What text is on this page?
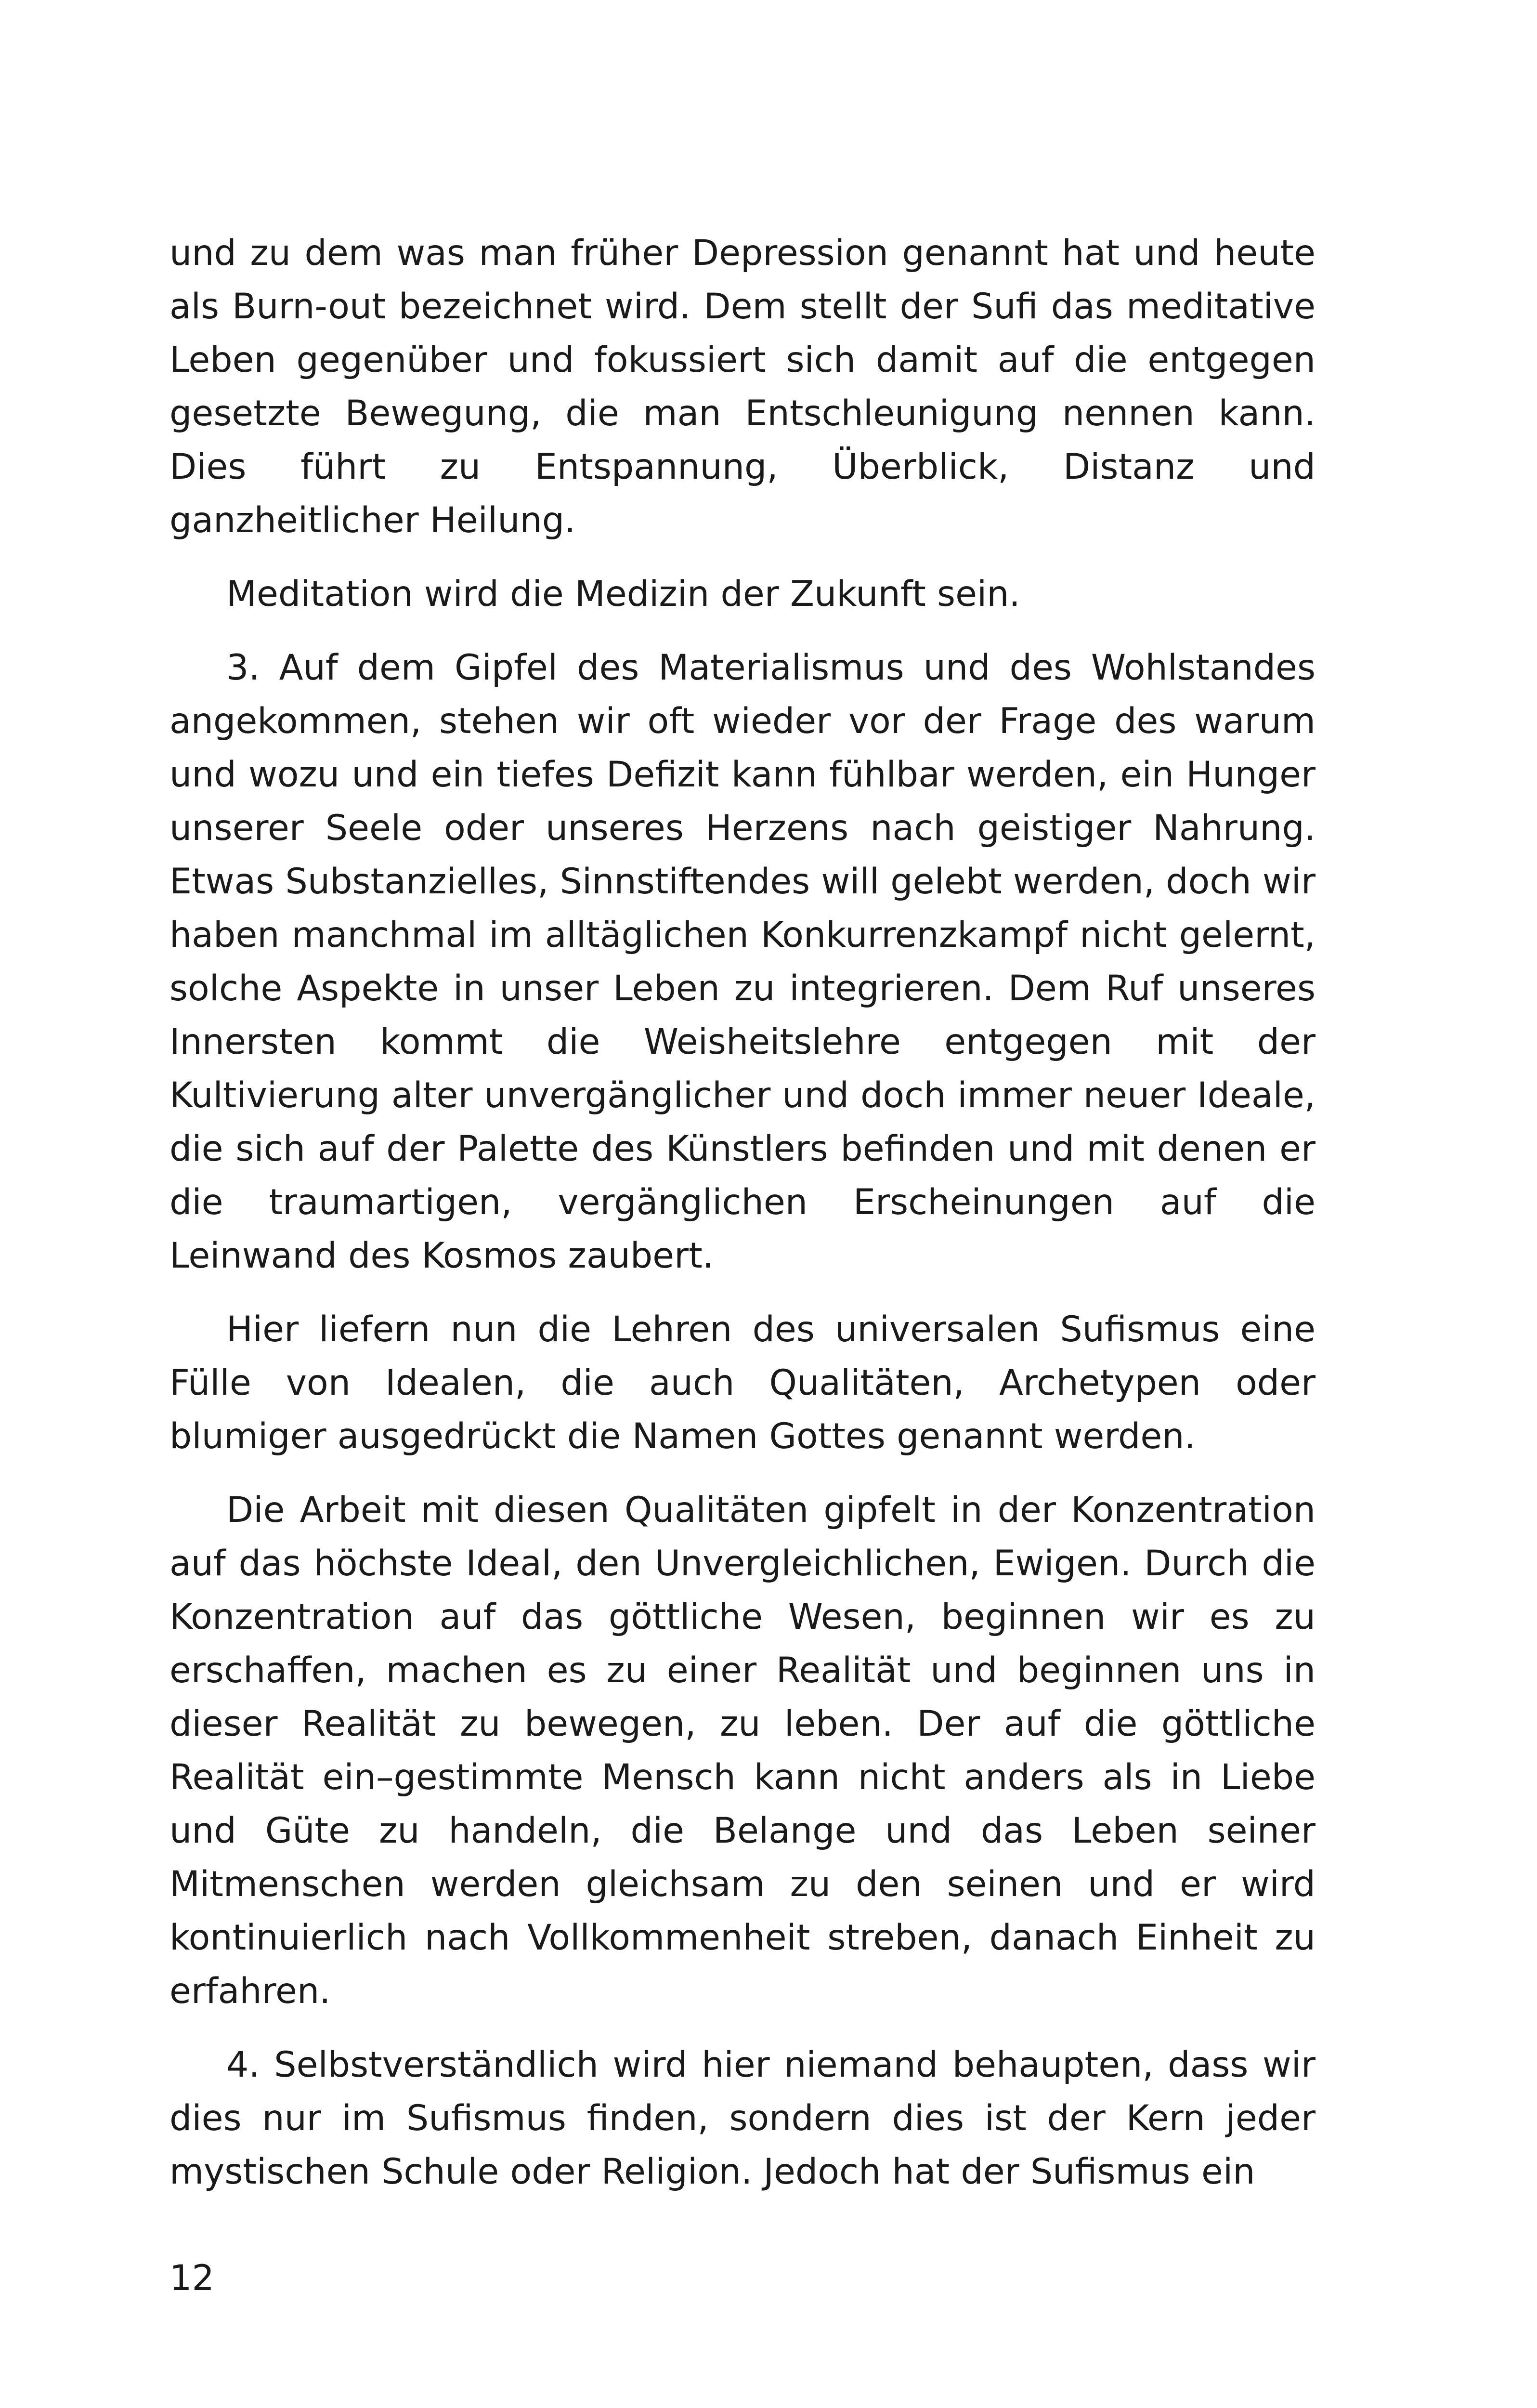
und zu dem was man früher Depression genannt hat und heute als Burn-out bezeichnet wird. Dem stellt der Sufi das meditative Leben gegenüber und fokussiert sich damit auf die entgegen gesetzte Bewegung, die man Entschleunigung nennen kann. Dies führt zu Entspannung, Überblick, Distanz und ganzheitlicher Heilung.

Meditation wird die Medizin der Zukunft sein.

3. Auf dem Gipfel des Materialismus und des Wohlstandes angekommen, stehen wir oft wieder vor der Frage des warum und wozu und ein tiefes Defizit kann fühlbar werden, ein Hunger unserer Seele oder unseres Herzens nach geistiger Nahrung. Etwas Substanzielles, Sinnstiftendes will gelebt werden, doch wir haben manchmal im alltäglichen Konkurrenzkampf nicht gelernt, solche Aspekte in unser Leben zu integrieren. Dem Ruf unseres Innersten kommt die Weisheitslehre entgegen mit der Kultivierung alter unvergänglicher und doch immer neuer Ideale, die sich auf der Palette des Künstlers befinden und mit denen er die traumartigen, vergänglichen Erscheinungen auf die Leinwand des Kosmos zaubert.

Hier liefern nun die Lehren des universalen Sufismus eine Fülle von Idealen, die auch Qualitäten, Archetypen oder blumiger ausgedrückt die Namen Gottes genannt werden.

Die Arbeit mit diesen Qualitäten gipfelt in der Konzentration auf das höchste Ideal, den Unvergleichlichen, Ewigen. Durch die Konzentration auf das göttliche Wesen, beginnen wir es zu erschaffen, machen es zu einer Realität und beginnen uns in dieser Realität zu bewegen, zu leben. Der auf die göttliche Realität ein–gestimmte Mensch kann nicht anders als in Liebe und Güte zu handeln, die Belange und das Leben seiner Mitmenschen werden gleichsam zu den seinen und er wird kontinuierlich nach Vollkommenheit streben, danach Einheit zu erfahren.

4. Selbstverständlich wird hier niemand behaupten, dass wir dies nur im Sufismus finden, sondern dies ist der Kern jeder mystischen Schule oder Religion. Jedoch hat der Sufismus ein

12
